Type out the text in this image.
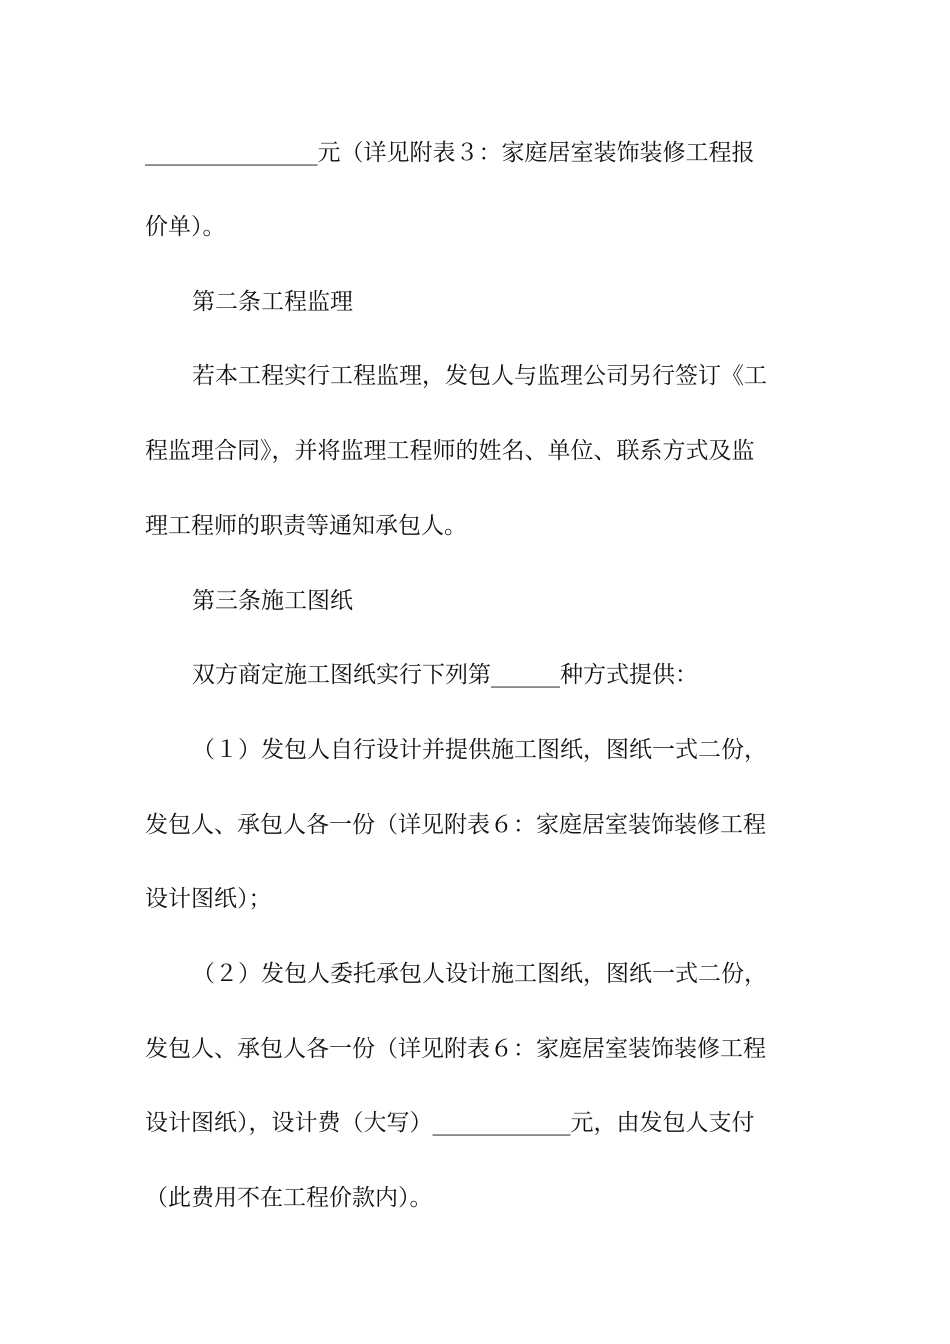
_______________元（详见附表３：家庭居室装饰装修工程报
价单）。
第二条工程监理
若本工程实行工程监理，发包人与监理公司另行签订《工
程监理合同》，并将监理工程师的姓名、单位、联系方式及监
理工程师的职责等通知承包人。
第三条施工图纸
双方商定施工图纸实行下列第______种方式提供：
（１）发包人自行设计并提供施工图纸，图纸一式二份，
发包人、承包人各一份（详见附表６：家庭居室装饰装修工程
设计图纸）；
（２）发包人委托承包人设计施工图纸，图纸一式二份，
发包人、承包人各一份（详见附表６：家庭居室装饰装修工程
设计图纸），设计费（大写）____________元，由发包人支付
（此费用不在工程价款内）。
